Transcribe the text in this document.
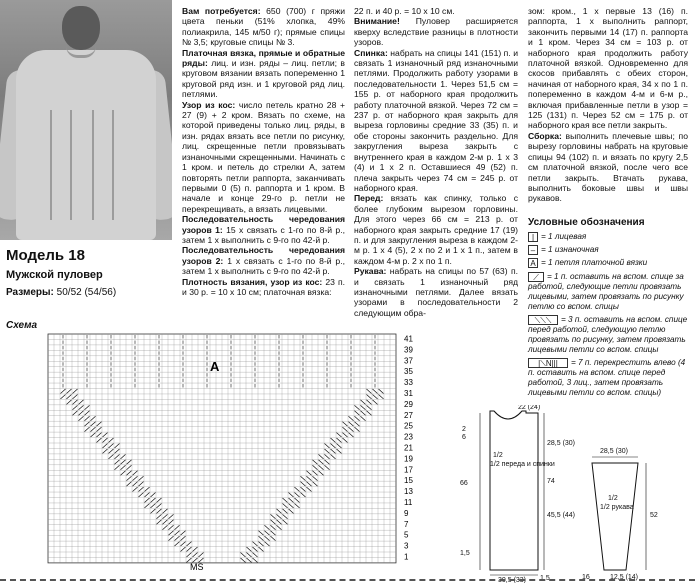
Модель 18
Мужской пуловер
Размеры: 50/52 (54/56)

Вам потребуется: 650 (700) г пряжи цвета пеньки (51% хлопка, 49% полиакрила, 145 м/50 г); прямые спицы № 3,5; круговые спицы № 3.

Платочная вязка, прямые и обратные ряды: лиц. и изн. ряды – лиц. петли; в круговом вязании вязать попеременно 1 круговой ряд изн. и 1 круговой ряд лиц. петлями.

Узор из кос: число петель кратно 28 + 27 (9) + 2 кром. Вязать по схеме, на которой приведены только лиц. ряды, в изн. рядах вязать все петли по рисунку, лиц. скрещенные петли провязывать изнаночными скрещенными. Начинать с 1 кром. и петель до стрелки А, затем повторять петли раппорта, заканчивать первыми 0 (5) п. раппорта и 1 кром. В начале и конце 29-го р. петли не перекрещивать, а вязать лицевыми.

Последовательность чередования узоров 1: 15 х связать с 1-го по 8-й р., затем 1 х выполнить с 9-го по 42-й р.

Последовательность чередования узоров 2: 1 х связать с 1-го по 8-й р., затем 1 х выполнить с 9-го по 42-й р.

Плотность вязания, узор из кос: 23 п. и 30 р. = 10 х 10 см; платочная вязка:

22 п. и 40 р. = 10 х 10 см.

Внимание! Пуловер расширяется кверху вследствие разницы в плотности узоров.

Спинка: набрать на спицы 141 (151) п. и связать 1 изнаночный ряд изнаночными петлями. Продолжить работу узорами в последовательности 1. Через 51,5 см = 155 р. от наборного края продолжить работу платочной вязкой. Через 72 см = 237 р. от наборного края закрыть для выреза горловины средние 33 (35) п. и обе стороны закончить раздельно. Для закругления выреза закрыть с внутреннего края в каждом 2-м р. 1 х 3 (4) и 1 х 2 п. Оставшиеся 49 (52) п. плеча закрыть через 74 см = 245 р. от наборного края.

Перед: вязать как спинку, только с более глубоким вырезом горловины. Для этого через 66 см = 213 р. от наборного края закрыть средние 17 (19) п. и для закругления выреза в каждом 2-м р. 1 х 4 (5), 2 х по 2 и 1 х 1 п., затем в каждом 4-м р. 2 х по 1 п.

Рукава: набрать на спицы по 57 (63) п. и связать 1 изнаночный ряд изнаночными петлями. Далее вязать узорами в последовательности 2 следующим обра-

зом: кром., 1 х первые 13 (16) п. раппорта, 1 х выполнить раппорт, закончить первыми 14 (17) п. раппорта и 1 кром. Через 34 см = 103 р. от наборного края продолжить работу платочной вязкой. Одновременно для скосов прибавлять с обеих сторон, начиная от наборного края, 34 х по 1 п. попеременно в каждом 4-м и 6-м р., включая прибавленные петли в узор = 125 (131) п. Через 52 см = 175 р. от наборного края все петли закрыть.

Сборка: выполнить плечевые швы; по вырезу горловины набрать на круговые спицы 94 (102) п. и вязать по кругу 2,5 см платочной вязкой, после чего все петли закрыть. Втачать рукава, выполнить боковые швы и швы рукавов.

Условные обозначения
| = 1 лицевая
– = 1 изнаночная
A = 1 петля платочной вязки
⟋ = 1 п. оставить на вспом. спице за работой, следующие петли провязать лицевыми, затем провязать по рисунку петлю со вспом. спицы
⟍⟍⟍ = 3 п. оставить на вспом. спице перед работой, следующую петлю провязать по рисунку, затем провязать лицевыми петли со вспом. спицы
|⟍N||| = 7 п. перекрестить влево (4 п. оставить на вспом. спице перед работой, 3 лиц., затем провязать лицевыми петли со вспом. спицы)
Схема
A
MS
41
39
37
35
33
31
29
27
25
23
21
19
17
15
13
11
9
7
5
3
1
1/2
1/2 переда и спинки
2
6
22 (24)
28,5 (30)
45,5 (44)
66	74
30,5 (33) 1,5
1,5
28,5 (30)
1/2
1/2 рукава
52
12,5 (14)
16
